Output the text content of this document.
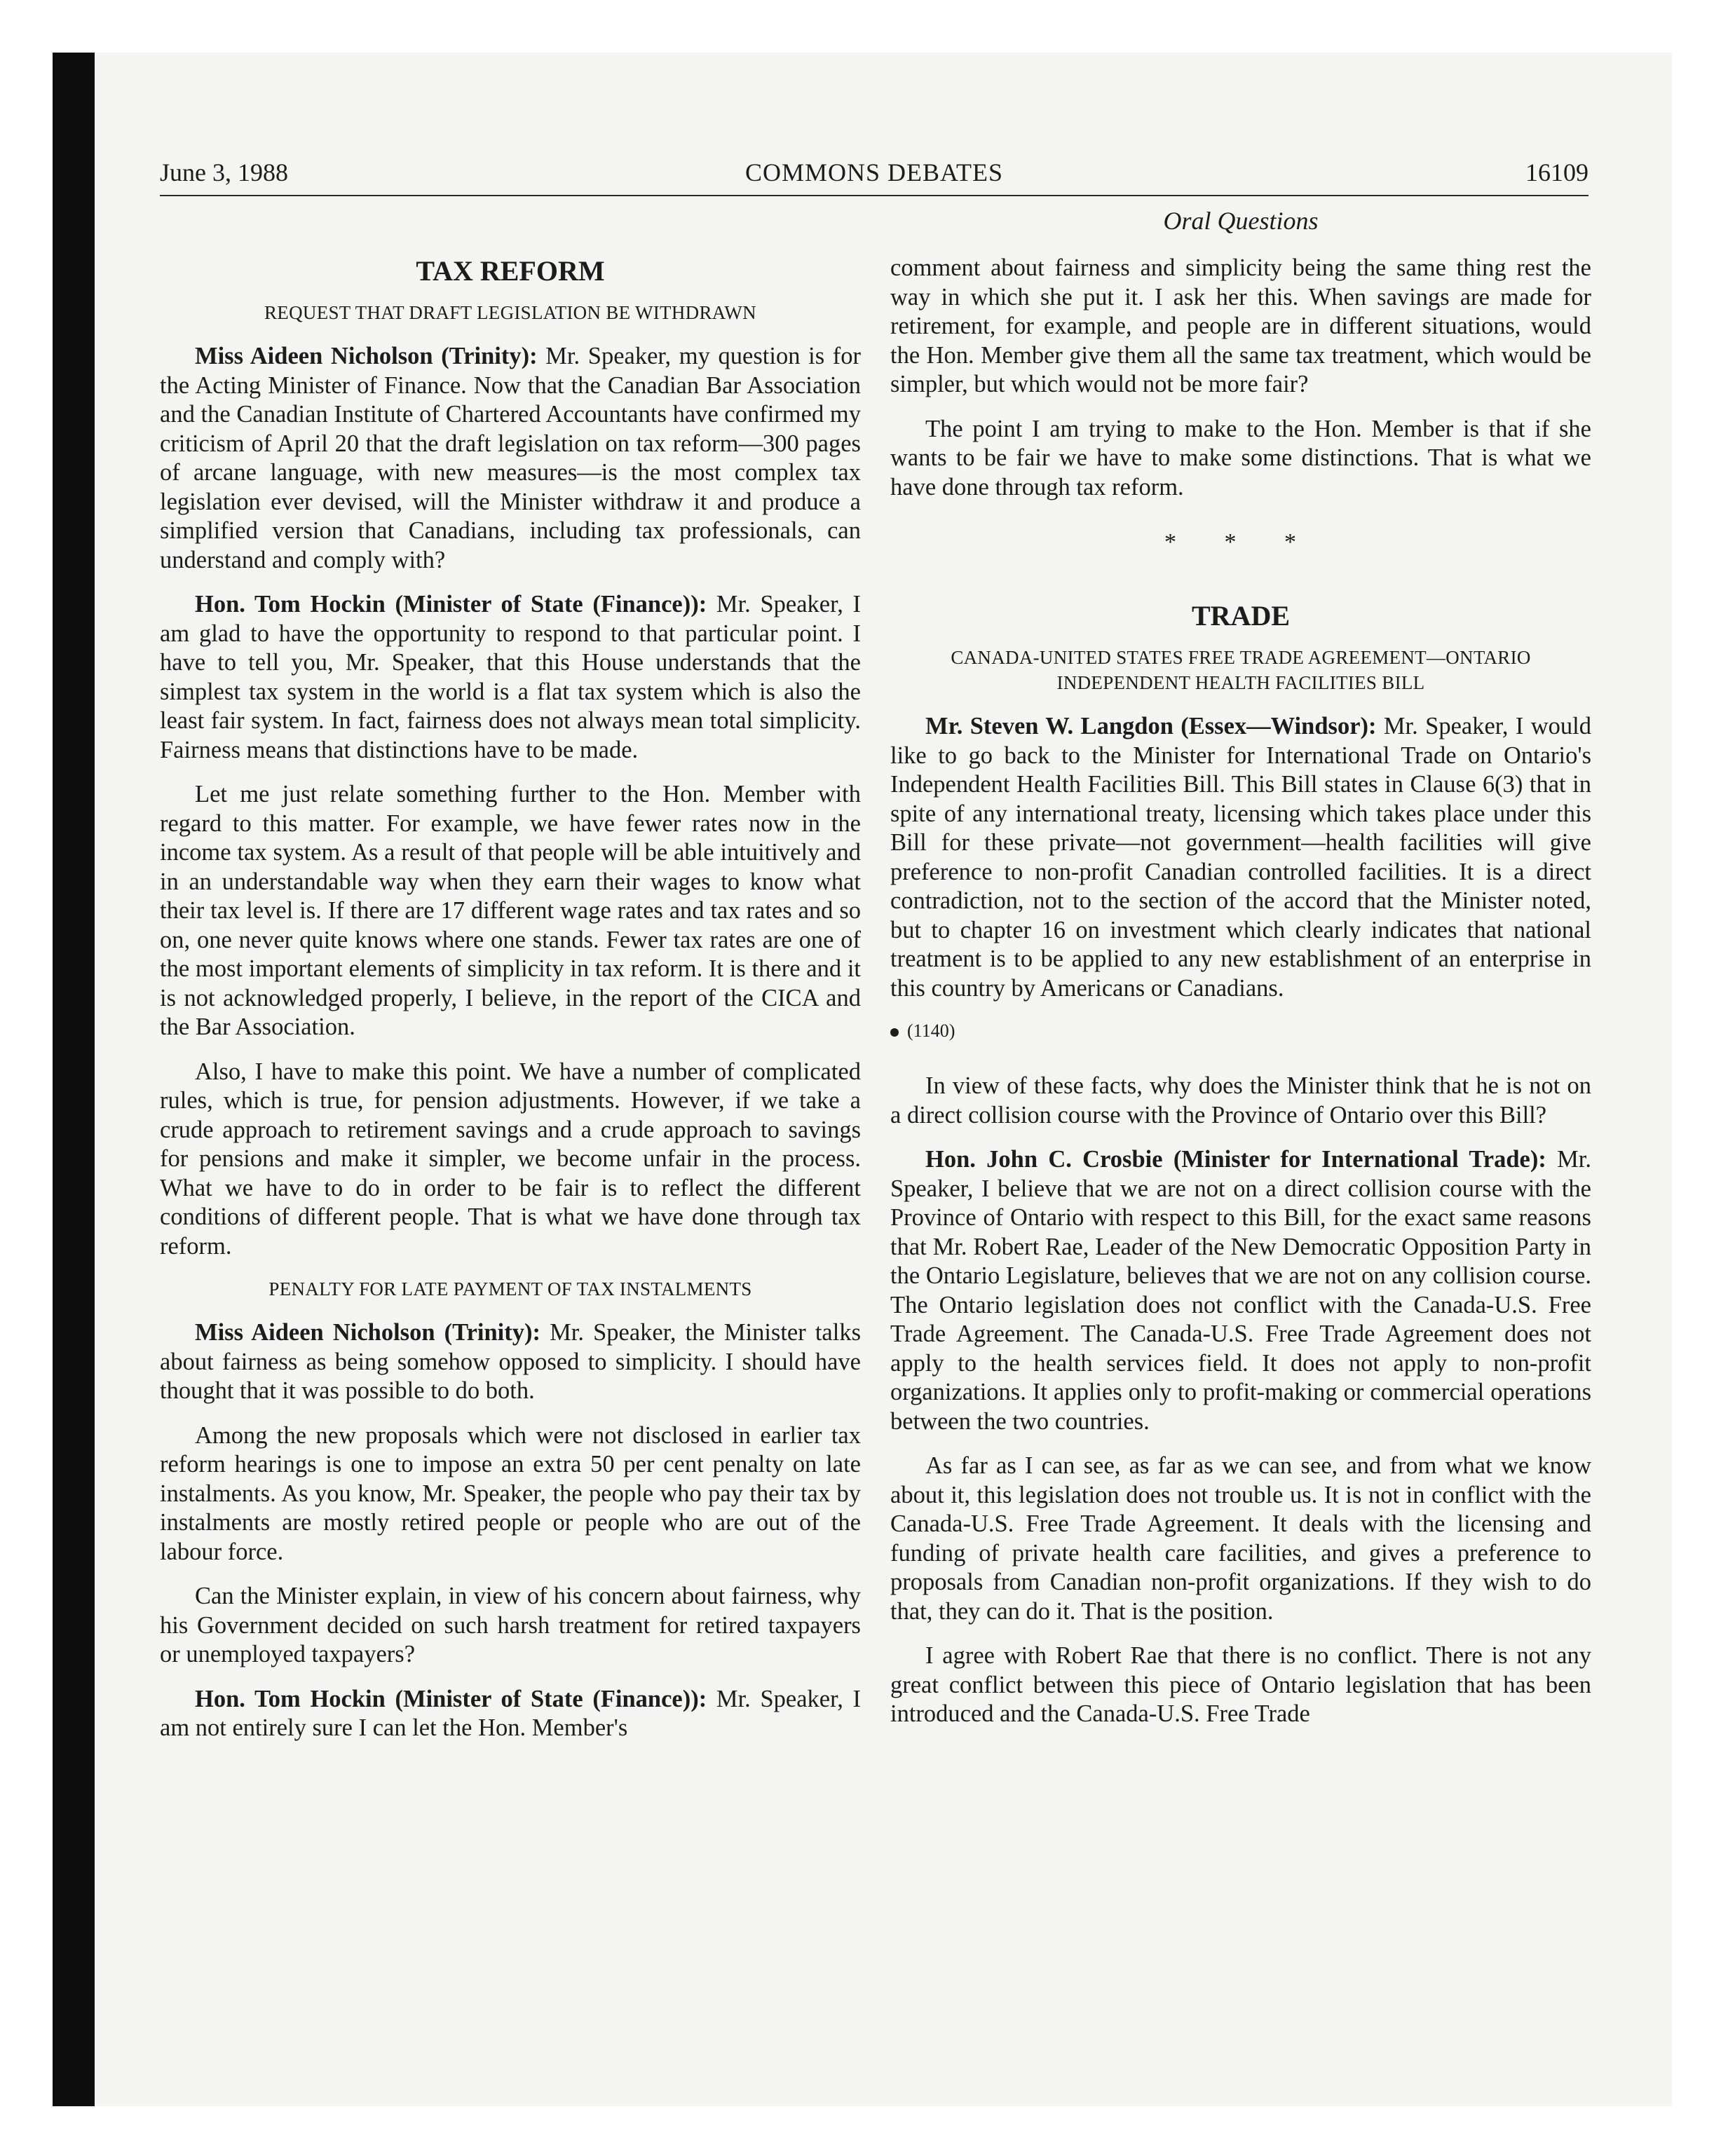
June 3, 1988	COMMONS DEBATES	16109
Oral Questions
TAX REFORM
REQUEST THAT DRAFT LEGISLATION BE WITHDRAWN

Miss Aideen Nicholson (Trinity): Mr. Speaker, my question is for the Acting Minister of Finance. Now that the Canadian Bar Association and the Canadian Institute of Chartered Accountants have confirmed my criticism of April 20 that the draft legislation on tax reform—300 pages of arcane language, with new measures—is the most complex tax legislation ever devised, will the Minister withdraw it and produce a simplified version that Canadians, including tax professionals, can understand and comply with?

Hon. Tom Hockin (Minister of State (Finance)): Mr. Speaker, I am glad to have the opportunity to respond to that particular point. I have to tell you, Mr. Speaker, that this House understands that the simplest tax system in the world is a flat tax system which is also the least fair system. In fact, fairness does not always mean total simplicity. Fairness means that distinctions have to be made.

Let me just relate something further to the Hon. Member with regard to this matter. For example, we have fewer rates now in the income tax system. As a result of that people will be able intuitively and in an understandable way when they earn their wages to know what their tax level is. If there are 17 different wage rates and tax rates and so on, one never quite knows where one stands. Fewer tax rates are one of the most important elements of simplicity in tax reform. It is there and it is not acknowledged properly, I believe, in the report of the CICA and the Bar Association.

Also, I have to make this point. We have a number of complicated rules, which is true, for pension adjustments. However, if we take a crude approach to retirement savings and a crude approach to savings for pensions and make it simpler, we become unfair in the process. What we have to do in order to be fair is to reflect the different conditions of different people. That is what we have done through tax reform.

PENALTY FOR LATE PAYMENT OF TAX INSTALMENTS

Miss Aideen Nicholson (Trinity): Mr. Speaker, the Minister talks about fairness as being somehow opposed to simplicity. I should have thought that it was possible to do both.

Among the new proposals which were not disclosed in earlier tax reform hearings is one to impose an extra 50 per cent penalty on late instalments. As you know, Mr. Speaker, the people who pay their tax by instalments are mostly retired people or people who are out of the labour force.

Can the Minister explain, in view of his concern about fairness, why his Government decided on such harsh treatment for retired taxpayers or unemployed taxpayers?

Hon. Tom Hockin (Minister of State (Finance)): Mr. Speaker, I am not entirely sure I can let the Hon. Member's

comment about fairness and simplicity being the same thing rest the way in which she put it. I ask her this. When savings are made for retirement, for example, and people are in different situations, would the Hon. Member give them all the same tax treatment, which would be simpler, but which would not be more fair?

The point I am trying to make to the Hon. Member is that if she wants to be fair we have to make some distinctions. That is what we have done through tax reform.

* * *
TRADE
CANADA-UNITED STATES FREE TRADE AGREEMENT—ONTARIO INDEPENDENT HEALTH FACILITIES BILL

Mr. Steven W. Langdon (Essex—Windsor): Mr. Speaker, I would like to go back to the Minister for International Trade on Ontario's Independent Health Facilities Bill. This Bill states in Clause 6(3) that in spite of any international treaty, licensing which takes place under this Bill for these private—not government—health facilities will give preference to non-profit Canadian controlled facilities. It is a direct contradiction, not to the section of the accord that the Minister noted, but to chapter 16 on investment which clearly indicates that national treatment is to be applied to any new establishment of an enterprise in this country by Americans or Canadians.

(1140)

In view of these facts, why does the Minister think that he is not on a direct collision course with the Province of Ontario over this Bill?

Hon. John C. Crosbie (Minister for International Trade): Mr. Speaker, I believe that we are not on a direct collision course with the Province of Ontario with respect to this Bill, for the exact same reasons that Mr. Robert Rae, Leader of the New Democratic Opposition Party in the Ontario Legislature, believes that we are not on any collision course. The Ontario legislation does not conflict with the Canada-U.S. Free Trade Agreement. The Canada-U.S. Free Trade Agreement does not apply to the health services field. It does not apply to non-profit organizations. It applies only to profit-making or commercial operations between the two countries.

As far as I can see, as far as we can see, and from what we know about it, this legislation does not trouble us. It is not in conflict with the Canada-U.S. Free Trade Agreement. It deals with the licensing and funding of private health care facilities, and gives a preference to proposals from Canadian non-profit organizations. If they wish to do that, they can do it. That is the position.

I agree with Robert Rae that there is no conflict. There is not any great conflict between this piece of Ontario legislation that has been introduced and the Canada-U.S. Free Trade
